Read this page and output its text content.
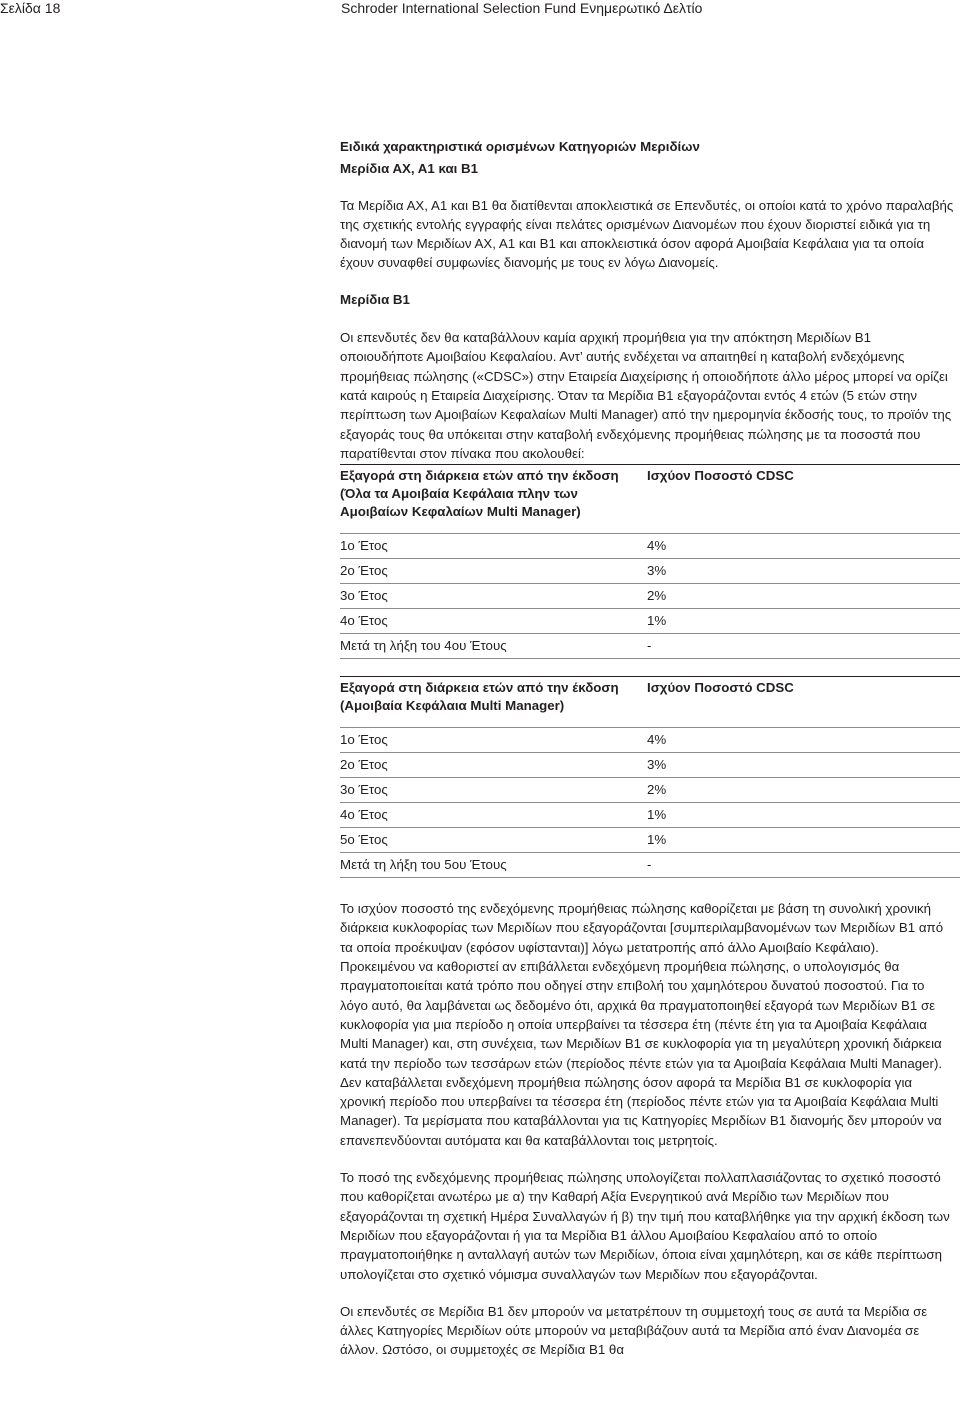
Σελίδα 18	Schroder International Selection Fund Ενημερωτικό Δελτίο
Ειδικά χαρακτηριστικά ορισμένων Κατηγοριών Μεριδίων
Μερίδια ΑΧ, Α1 και Β1

Τα Μερίδια ΑΧ, Α1 και Β1 θα διατίθενται αποκλειστικά σε Επενδυτές, οι οποίοι κατά το χρόνο παραλαβής της σχετικής εντολής εγγραφής είναι πελάτες ορισμένων Διανομέων που έχουν διοριστεί ειδικά για τη διανομή των Μεριδίων ΑΧ, Α1 και Β1 και αποκλειστικά όσον αφορά Αμοιβαία Κεφάλαια για τα οποία έχουν συναφθεί συμφωνίες διανομής με τους εν λόγω Διανομείς.

Μερίδια Β1

Οι επενδυτές δεν θα καταβάλλουν καμία αρχική προμήθεια για την απόκτηση Μεριδίων Β1 οποιουδήποτε Αμοιβαίου Κεφαλαίου. Αντ’ αυτής ενδέχεται να απαιτηθεί η καταβολή ενδεχόμενης προμήθειας πώλησης («CDSC») στην Εταιρεία Διαχείρισης ή οποιοδήποτε άλλο μέρος μπορεί να ορίζει κατά καιρούς η Εταιρεία Διαχείρισης. Όταν τα Μερίδια Β1 εξαγοράζονται εντός 4 ετών (5 ετών στην περίπτωση των Αμοιβαίων Κεφαλαίων Multi Manager) από την ημερομηνία έκδοσής τους, το προϊόν της εξαγοράς τους θα υπόκειται στην καταβολή ενδεχόμενης προμήθειας πώλησης με τα ποσοστά που παρατίθενται στον πίνακα που ακολουθεί:

Εξαγορά στη διάρκεια ετών από την έκδοση (Όλα τα Αμοιβαία Κεφάλαια πλην των Αμοιβαίων Κεφαλαίων Multi Manager)	Ισχύον Ποσοστό CDSC
1ο Έτος	4%
2ο Έτος	3%
3ο Έτος	2%
4ο Έτος	1%
Μετά τη λήξη του 4ου Έτους	-
Εξαγορά στη διάρκεια ετών από την έκδοση (Αμοιβαία Κεφάλαια Multi Manager)	Ισχύον Ποσοστό CDSC
1ο Έτος	4%
2ο Έτος	3%
3ο Έτος	2%
4ο Έτος	1%
5ο Έτος	1%
Μετά τη λήξη του 5ου Έτους	-

Το ισχύον ποσοστό της ενδεχόμενης προμήθειας πώλησης καθορίζεται με βάση τη συνολική χρονική διάρκεια κυκλοφορίας των Μεριδίων που εξαγοράζονται [συμπεριλαμβανομένων των Μεριδίων Β1 από τα οποία προέκυψαν (εφόσον υφίστανται)] λόγω μετατροπής από άλλο Αμοιβαίο Κεφάλαιο). Προκειμένου να καθοριστεί αν επιβάλλεται ενδεχόμενη προμήθεια πώλησης, ο υπολογισμός θα πραγματοποιείται κατά τρόπο που οδηγεί στην επιβολή του χαμηλότερου δυνατού ποσοστού. Για το λόγο αυτό, θα λαμβάνεται ως δεδομένο ότι, αρχικά θα πραγματοποιηθεί εξαγορά των Μεριδίων Β1 σε κυκλοφορία για μια περίοδο η οποία υπερβαίνει τα τέσσερα έτη (πέντε έτη για τα Αμοιβαία Κεφάλαια Multi Manager) και, στη συνέχεια, των Μεριδίων Β1 σε κυκλοφορία για τη μεγαλύτερη χρονική διάρκεια κατά την περίοδο των τεσσάρων ετών (περίοδος πέντε ετών για τα Αμοιβαία Κεφάλαια Multi Manager). Δεν καταβάλλεται ενδεχόμενη προμήθεια πώλησης όσον αφορά τα Μερίδια Β1 σε κυκλοφορία για χρονική περίοδο που υπερβαίνει τα τέσσερα έτη (περίοδος πέντε ετών για τα Αμοιβαία Κεφάλαια Multi Manager). Τα μερίσματα που καταβάλλονται για τις Κατηγορίες Μεριδίων Β1 διανομής δεν μπορούν να επανεπενδύονται αυτόματα και θα καταβάλλονται τοις μετρητοίς.

Το ποσό της ενδεχόμενης προμήθειας πώλησης υπολογίζεται πολλαπλασιάζοντας το σχετικό ποσοστό που καθορίζεται ανωτέρω με α) την Καθαρή Αξία Ενεργητικού ανά Μερίδιο των Μεριδίων που εξαγοράζονται τη σχετική Ημέρα Συναλλαγών ή β) την τιμή που καταβλήθηκε για την αρχική έκδοση των Μεριδίων που εξαγοράζονται ή για τα Μερίδια Β1 άλλου Αμοιβαίου Κεφαλαίου από το οποίο πραγματοποιήθηκε η ανταλλαγή αυτών των Μεριδίων, όποια είναι χαμηλότερη, και σε κάθε περίπτωση υπολογίζεται στο σχετικό νόμισμα συναλλαγών των Μεριδίων που εξαγοράζονται.

Οι επενδυτές σε Μερίδια Β1 δεν μπορούν να μετατρέπουν τη συμμετοχή τους σε αυτά τα Μερίδια σε άλλες Κατηγορίες Μεριδίων ούτε μπορούν να μεταβιβάζουν αυτά τα Μερίδια από έναν Διανομέα σε άλλον. Ωστόσο, οι συμμετοχές σε Μερίδια Β1 θα
